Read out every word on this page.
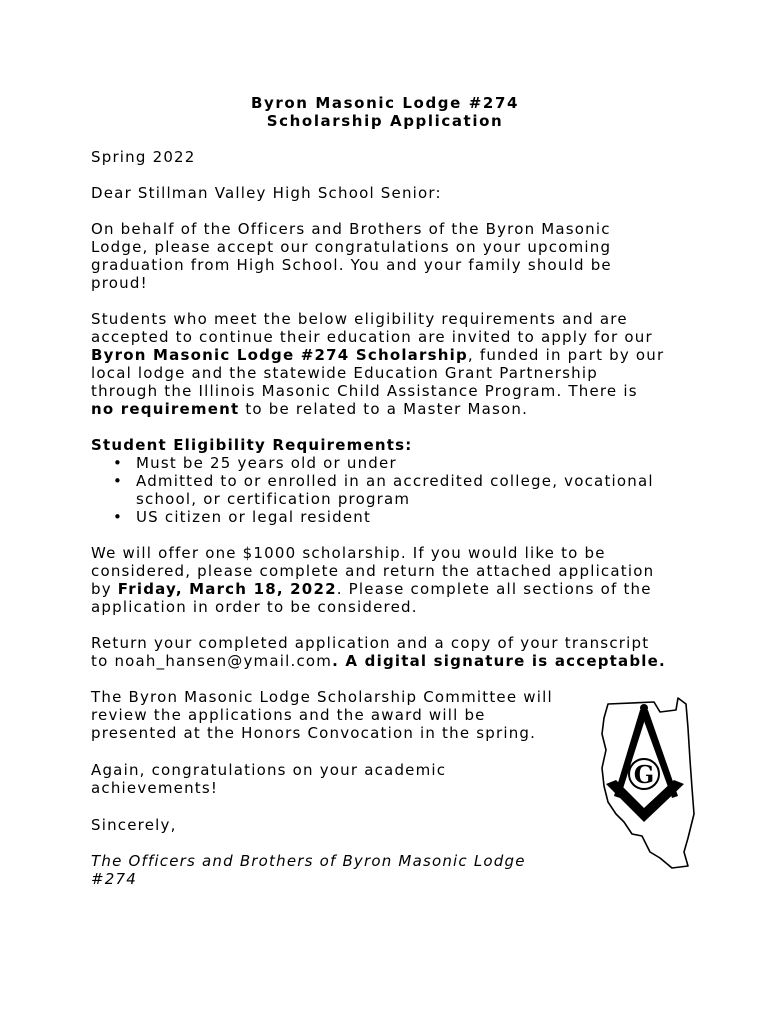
Byron Masonic Lodge #274
Scholarship Application
Spring 2022
Dear Stillman Valley High School Senior:
On behalf of the Officers and Brothers of the Byron Masonic
Lodge, please accept our congratulations on your upcoming
graduation from High School. You and your family should be
proud!
Students who meet the below eligibility requirements and are
accepted to continue their education are invited to apply for our
Byron Masonic Lodge #274 Scholarship, funded in part by our
local lodge and the statewide Education Grant Partnership
through the Illinois Masonic Child Assistance Program. There is
no requirement to be related to a Master Mason.
Student Eligibility Requirements:
• Must be 25 years old or under
• Admitted to or enrolled in an accredited college, vocational
school, or certification program
• US citizen or legal resident
We will offer one $1000 scholarship. If you would like to be
considered, please complete and return the attached application
by Friday, March 18, 2022. Please complete all sections of the
application in order to be considered.
Return your completed application and a copy of your transcript
to noah_hansen@ymail.com. A digital signature is acceptable.
The Byron Masonic Lodge Scholarship Committee will
review the applications and the award will be
presented at the Honors Convocation in the spring.
Again, congratulations on your academic
achievements!
Sincerely,
The Officers and Brothers of Byron Masonic Lodge
#274
G
